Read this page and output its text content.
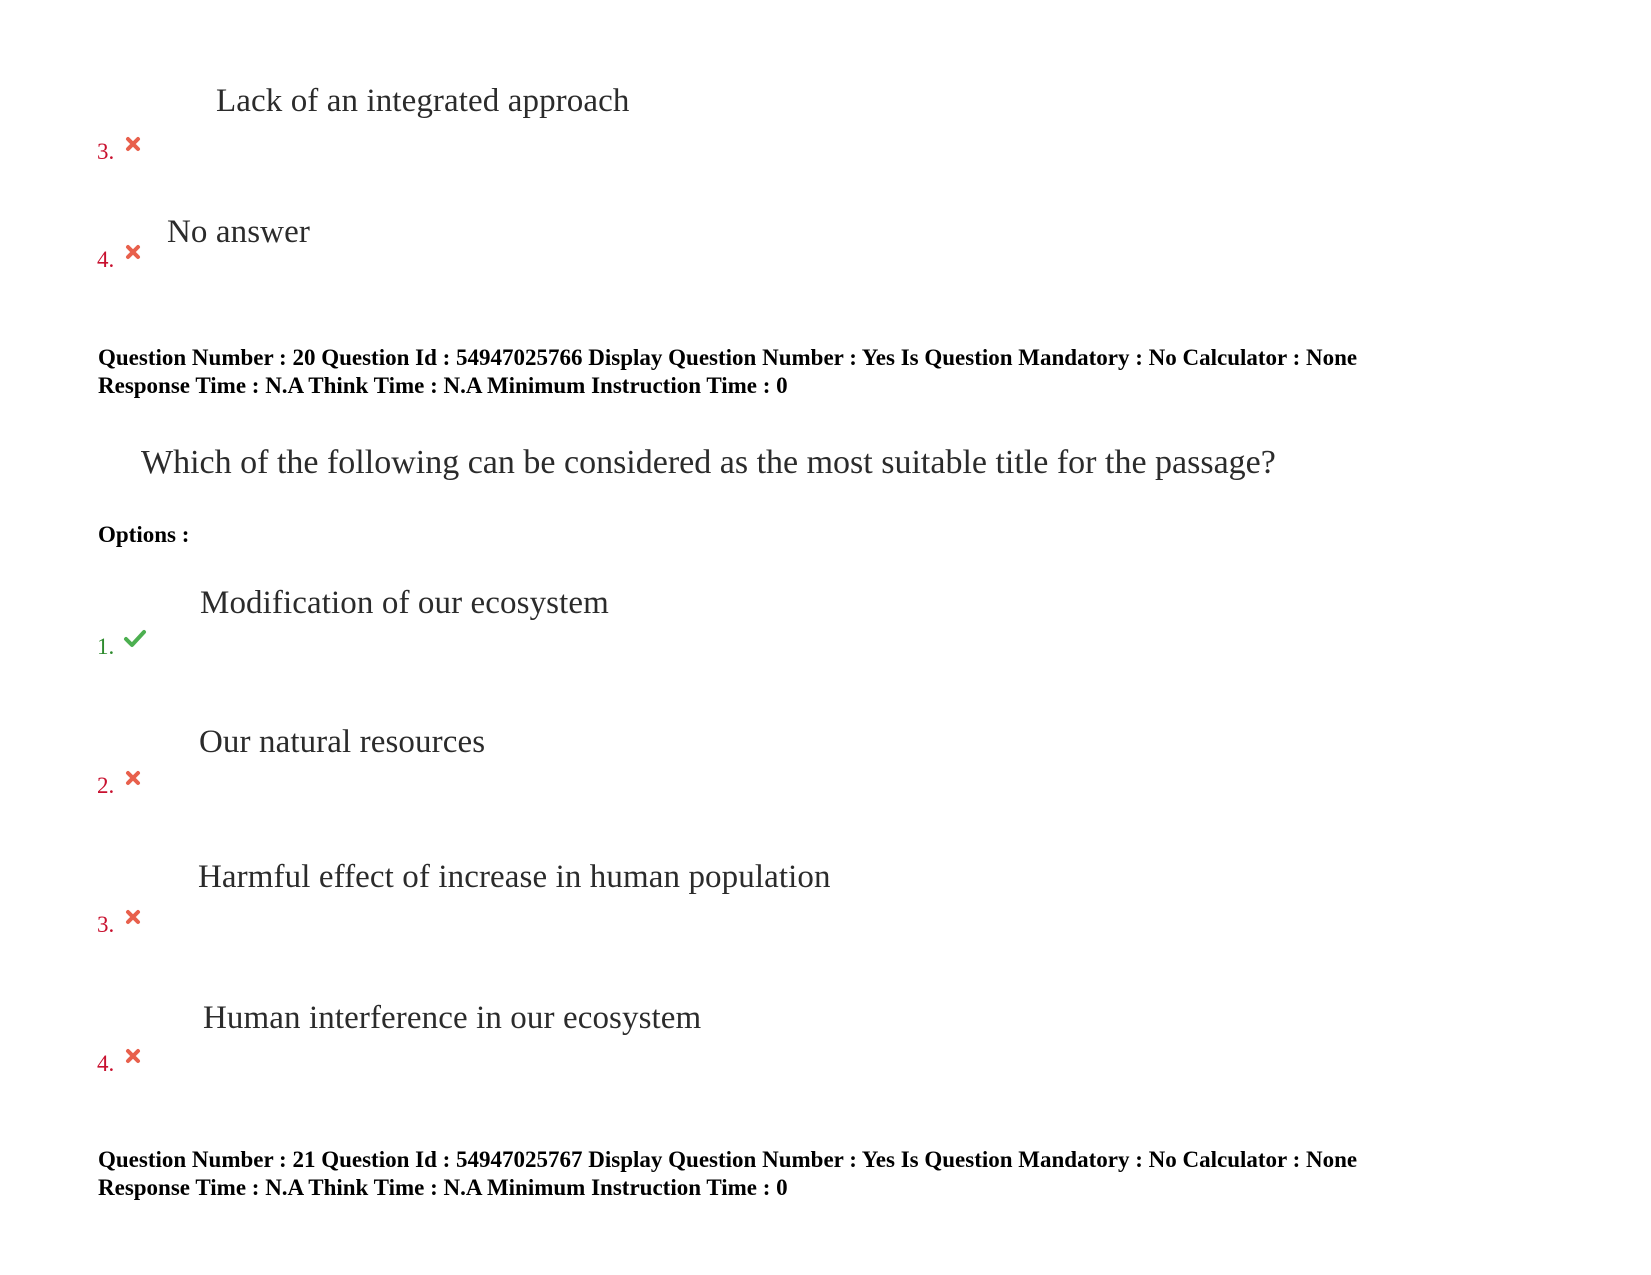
Lack of an integrated approach
3.
No answer
4.
Question Number : 20 Question Id : 54947025766 Display Question Number : Yes Is Question Mandatory : No Calculator : None
Response Time : N.A Think Time : N.A Minimum Instruction Time : 0
Which of the following can be considered as the most suitable title for the passage?
Options :
Modification of our ecosystem
1.
Our natural resources
2.
Harmful effect of increase in human population
3.
Human interference in our ecosystem
4.
Question Number : 21 Question Id : 54947025767 Display Question Number : Yes Is Question Mandatory : No Calculator : None
Response Time : N.A Think Time : N.A Minimum Instruction Time : 0
